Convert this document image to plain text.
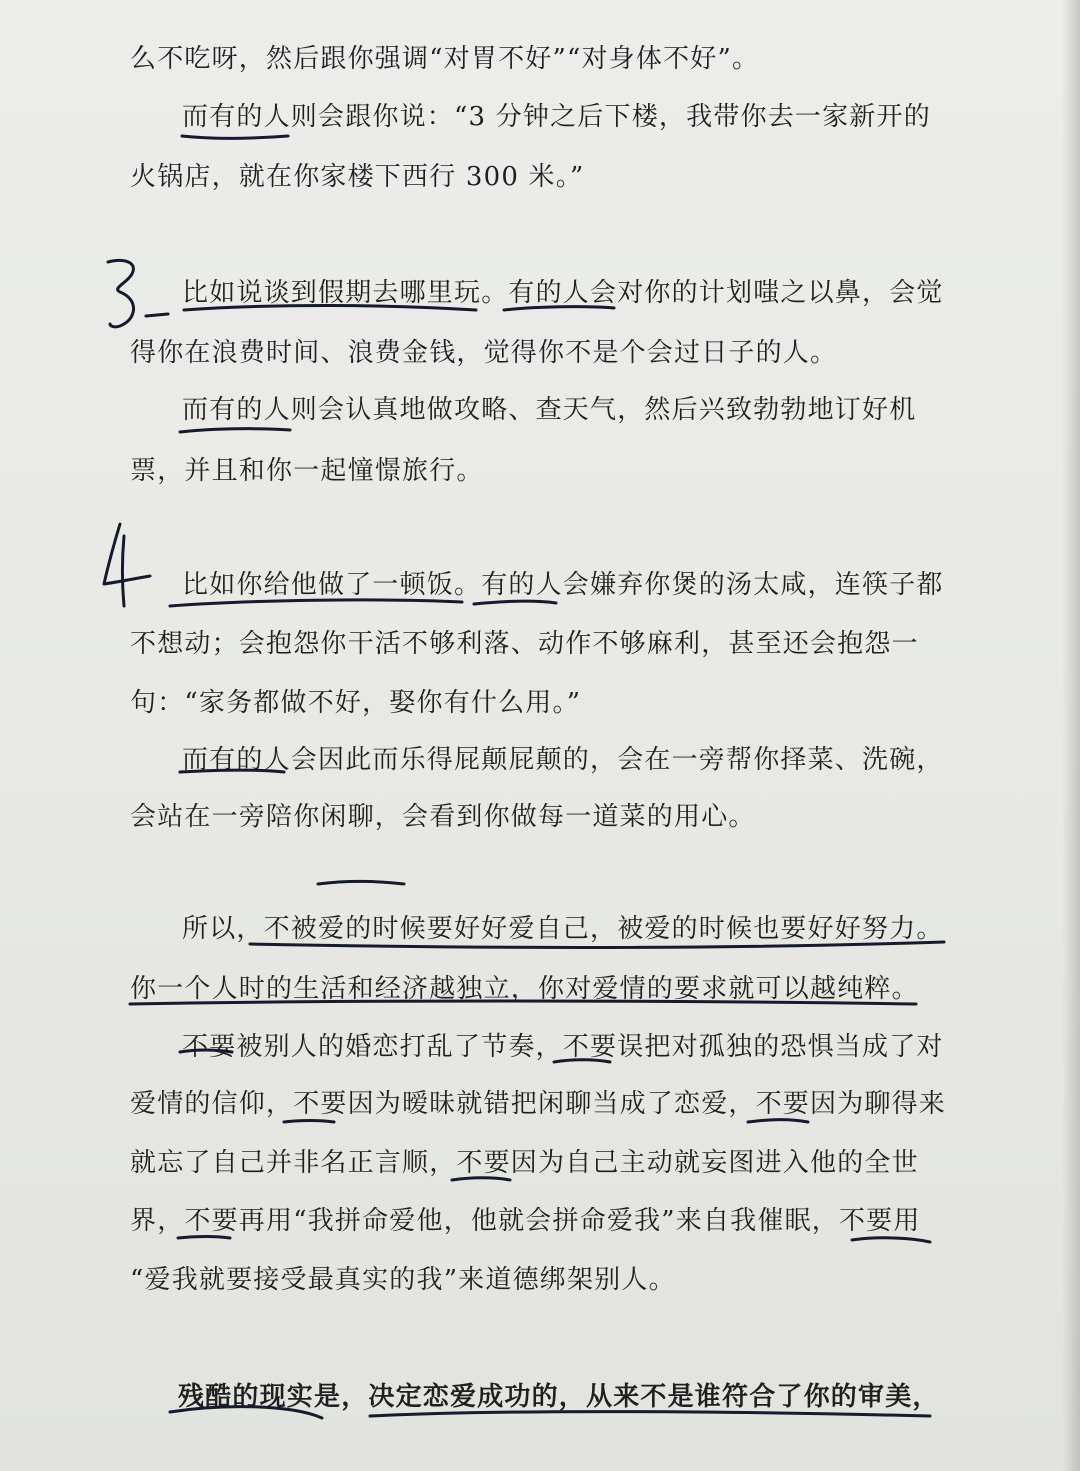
么不吃呀，然后跟你强调“对胃不好”“对身体不好”。
而有的人则会跟你说：“3 分钟之后下楼，我带你去一家新开的
火锅店，就在你家楼下西行 300 米。”
比如说谈到假期去哪里玩。有的人会对你的计划嗤之以鼻，会觉
得你在浪费时间、浪费金钱，觉得你不是个会过日子的人。
而有的人则会认真地做攻略、查天气，然后兴致勃勃地订好机
票，并且和你一起憧憬旅行。
比如你给他做了一顿饭。有的人会嫌弃你煲的汤太咸，连筷子都
不想动；会抱怨你干活不够利落、动作不够麻利，甚至还会抱怨一
句：“家务都做不好，娶你有什么用。”
而有的人会因此而乐得屁颠屁颠的，会在一旁帮你择菜、洗碗，
会站在一旁陪你闲聊，会看到你做每一道菜的用心。
所以，不被爱的时候要好好爱自己，被爱的时候也要好好努力。
你一个人时的生活和经济越独立，你对爱情的要求就可以越纯粹。
不要被别人的婚恋打乱了节奏，不要误把对孤独的恐惧当成了对
爱情的信仰，不要因为暧昧就错把闲聊当成了恋爱，不要因为聊得来
就忘了自己并非名正言顺，不要因为自己主动就妄图进入他的全世
界，不要再用“我拼命爱他，他就会拼命爱我”来自我催眠，不要用
“爱我就要接受最真实的我”来道德绑架别人。
残酷的现实是，决定恋爱成功的，从来不是谁符合了你的审美，
